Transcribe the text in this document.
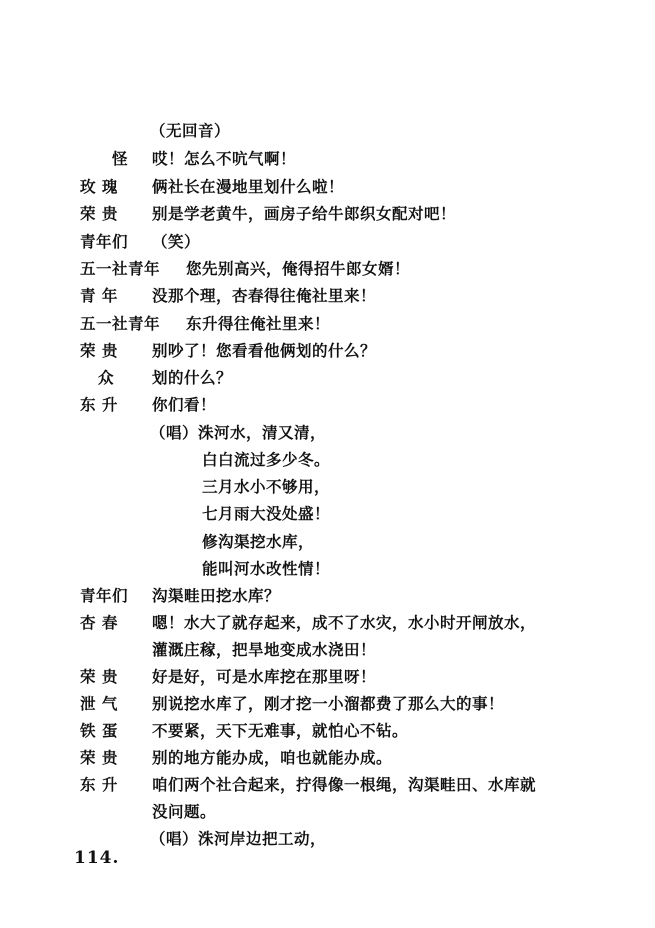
（无回音）
怪 哎！怎么不吭气啊！
玫 瑰 俩社长在漫地里划什么啦！
荣 贵 别是学老黄牛，画房子给牛郎织女配对吧！
青年们 （笑）
五一社青年 您先别高兴，俺得招牛郎女婿！
青 年 没那个理，杏春得往俺社里来！
五一社青年 东升得往俺社里来！
荣 贵 别吵了！您看看他俩划的什么？
众 划的什么？
东 升 你们看！
（唱）洙河水，清又清，
白白流过多少冬。
三月水小不够用，
七月雨大没处盛！
修沟渠挖水库，
能叫河水改性情！
青年们 沟渠畦田挖水库？
杏 春 嗯！水大了就存起来，成不了水灾，水小时开闸放水，
灌溉庄稼，把旱地变成水浇田！
荣 贵 好是好，可是水库挖在那里呀！
泄 气 别说挖水库了，刚才挖一小溜都费了那么大的事！
铁 蛋 不要紧，天下无难事，就怕心不钻。
荣 贵 别的地方能办成，咱也就能办成。
东 升 咱们两个社合起来，拧得像一根绳，沟渠畦田、水库就
没问题。
（唱）洙河岸边把工动，
114.
